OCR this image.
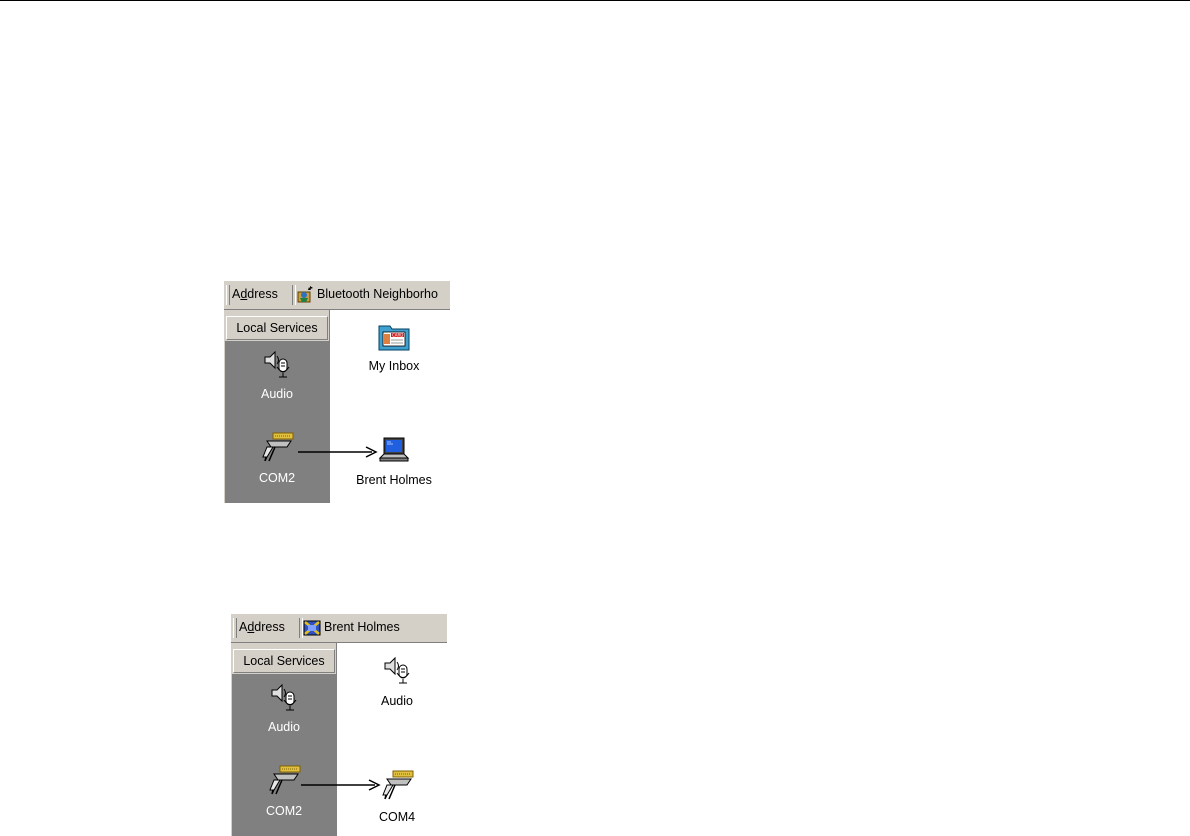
Address	Bluetooth Neighborho
Local Services
Audio
COM2
CARD
My Inbox
Brent Holmes
Address	Brent Holmes
Local Services
Audio
COM2
Audio
COM4
